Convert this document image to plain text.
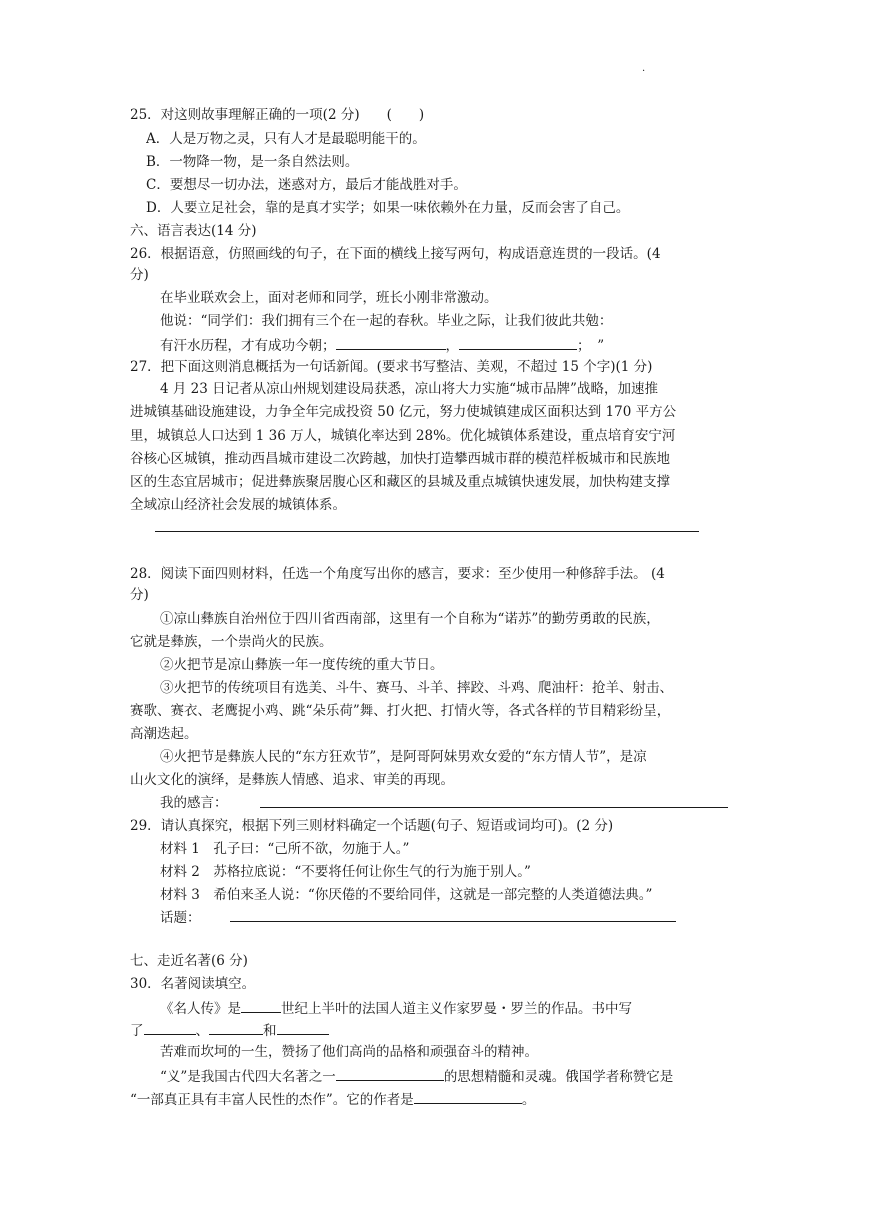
.
25．对这则故事理解正确的一项(2 分)　　(　　)
A．人是万物之灵，只有人才是最聪明能干的。
B．一物降一物，是一条自然法则。
C．要想尽一切办法，迷惑对方，最后才能战胜对手。
D．人要立足社会，靠的是真才实学；如果一味依赖外在力量，反而会害了自己。
六、语言表达(14 分)
26．根据语意，仿照画线的句子，在下面的横线上接写两句，构成语意连贯的一段话。(4
分)
在毕业联欢会上，面对老师和同学，班长小刚非常激动。
他说：“同学们：我们拥有三个在一起的春秋。毕业之际，让我们彼此共勉：
有汗水历程，才有成功今朝；	，	；　”
27．把下面这则消息概括为一句话新闻。(要求书写整洁、美观，不超过 15 个字)(1 分)
4 月 23 日记者从凉山州规划建设局获悉，凉山将大力实施“城市品牌”战略，加速推
进城镇基础设施建设，力争全年完成投资 50 亿元，努力使城镇建成区面积达到 170 平方公
里，城镇总人口达到 1 36 万人，城镇化率达到 28%。优化城镇体系建设，重点培育安宁河
谷核心区城镇，推动西昌城市建设二次跨越，加快打造攀西城市群的模范样板城市和民族地
区的生态宜居城市；促进彝族聚居腹心区和藏区的县城及重点城镇快速发展，加快构建支撑
全域凉山经济社会发展的城镇体系。
28．阅读下面四则材料，任选一个角度写出你的感言，要求：至少使用一种修辞手法。 (4
分)
①凉山彝族自治州位于四川省西南部，这里有一个自称为“诺苏”的勤劳勇敢的民族，
它就是彝族，一个崇尚火的民族。
②火把节是凉山彝族一年一度传统的重大节日。
③火把节的传统项目有选美、斗牛、赛马、斗羊、摔跤、斗鸡、爬油杆：抢羊、射击、
赛歌、赛衣、老鹰捉小鸡、跳“朵乐荷”舞、打火把、打情火等，各式各样的节目精彩纷呈，
高潮迭起。
④火把节是彝族人民的“东方狂欢节”，是阿哥阿妹男欢女爱的“东方情人节”，是凉
山火文化的演绎，是彝族人情感、追求、审美的再现。
我的感言：
29．请认真探究，根据下列三则材料确定一个话题(句子、短语或词均可)。(2 分)
材料 1　孔子曰：“己所不欲，勿施于人。”
材料 2　苏格拉底说：“不要将任何让你生气的行为施于别人。”
材料 3　希伯来圣人说：“你厌倦的不要给同伴，这就是一部完整的人类道德法典。”
话题：
七、走近名著(6 分)
30．名著阅读填空。
《名人传》是	世纪上半叶的法国人道主义作家罗曼・罗兰的作品。书中写
了	、	和
苦难而坎坷的一生，赞扬了他们高尚的品格和顽强奋斗的精神。
“义”是我国古代四大名著之一	的思想精髓和灵魂。俄国学者称赞它是
“一部真正具有丰富人民性的杰作”。它的作者是	。
